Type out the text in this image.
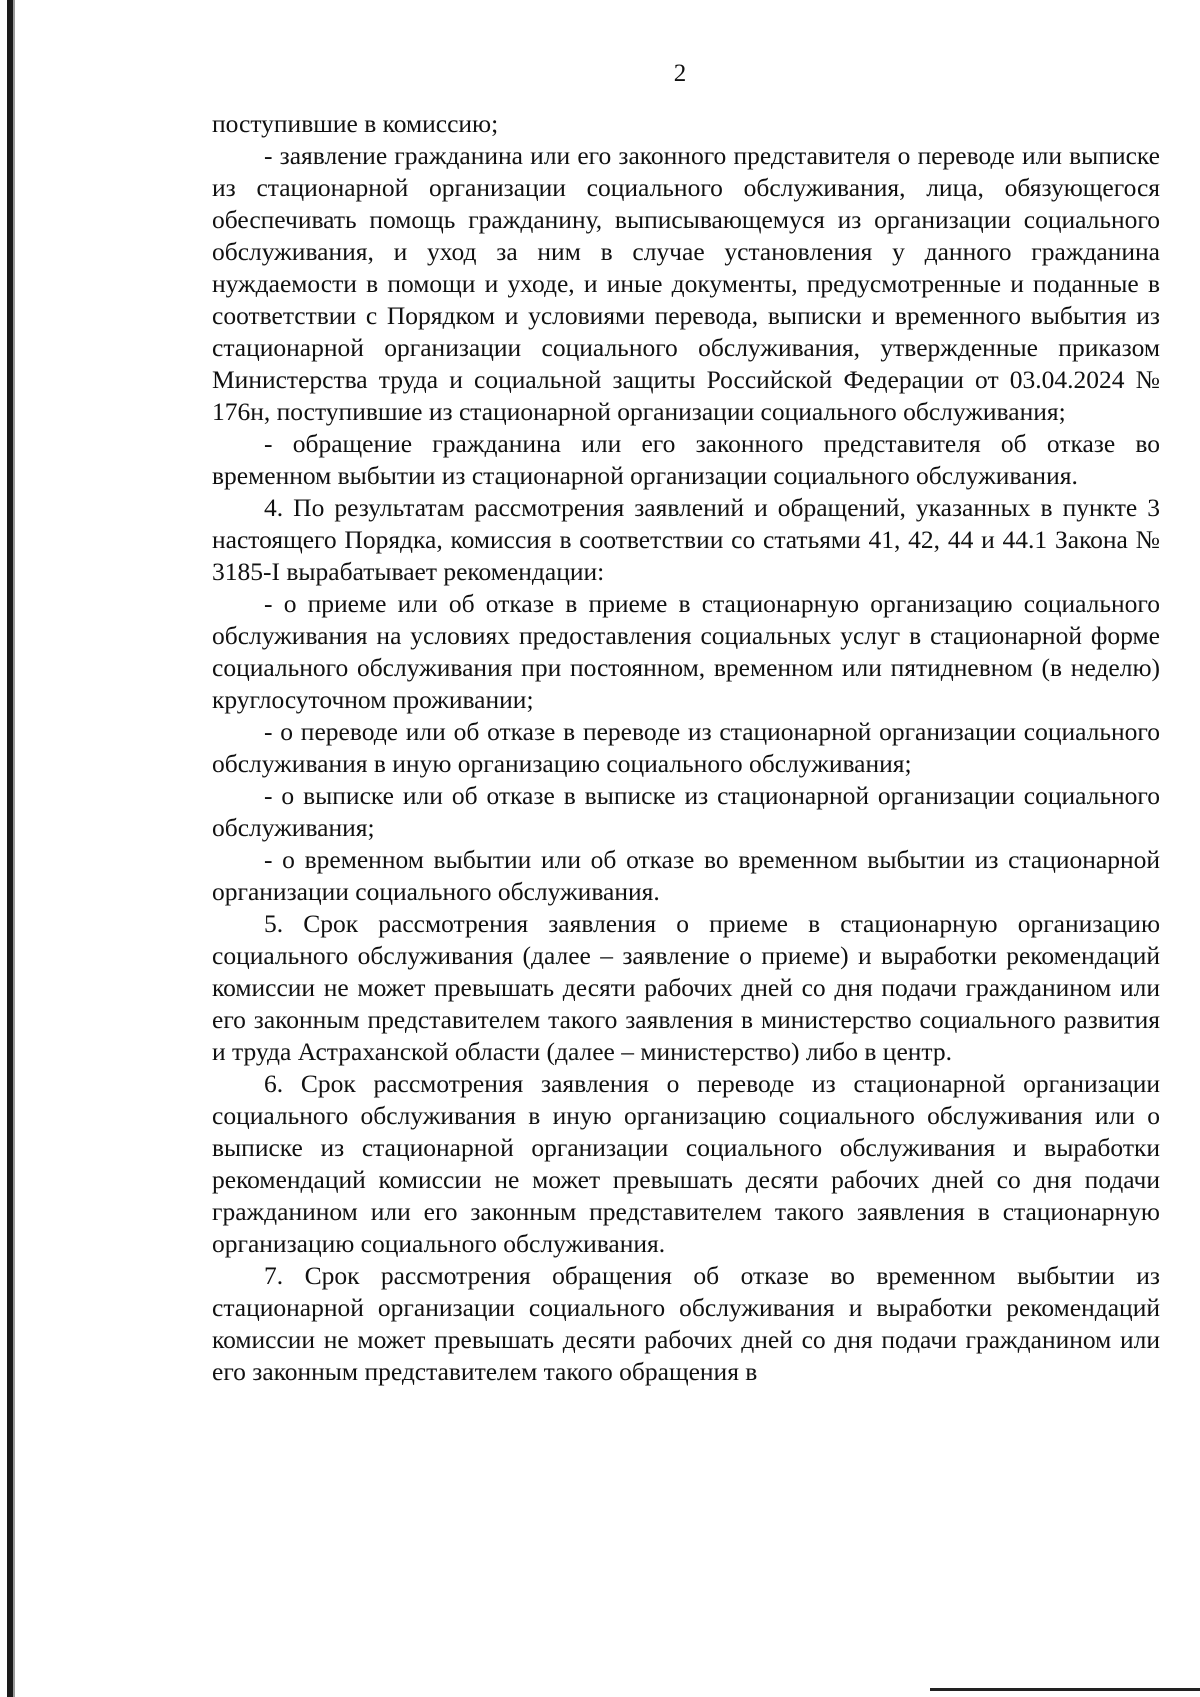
2

поступившие в комиссию;

- заявление гражданина или его законного представителя о переводе или выписке из стационарной организации социального обслуживания, лица, обязующегося обеспечивать помощь гражданину, выписывающемуся из организации социального обслуживания, и уход за ним в случае установления у данного гражданина нуждаемости в помощи и уходе, и иные документы, предусмотренные и поданные в соответствии с Порядком и условиями перевода, выписки и временного выбытия из стационарной организации социального обслуживания, утвержденные приказом Министерства труда и социальной защиты Российской Федерации от 03.04.2024 № 176н, поступившие из стационарной организации социального обслуживания;

- обращение гражданина или его законного представителя об отказе во временном выбытии из стационарной организации социального обслуживания.

4. По результатам рассмотрения заявлений и обращений, указанных в пункте 3 настоящего Порядка, комиссия в соответствии со статьями 41, 42, 44 и 44.1 Закона № 3185-I вырабатывает рекомендации:

- о приеме или об отказе в приеме в стационарную организацию социального обслуживания на условиях предоставления социальных услуг в стационарной форме социального обслуживания при постоянном, временном или пятидневном (в неделю) круглосуточном проживании;

- о переводе или об отказе в переводе из стационарной организации социального обслуживания в иную организацию социального обслуживания;

- о выписке или об отказе в выписке из стационарной организации социального обслуживания;

- о временном выбытии или об отказе во временном выбытии из стационарной организации социального обслуживания.

5. Срок рассмотрения заявления о приеме в стационарную организацию социального обслуживания (далее – заявление о приеме) и выработки рекомендаций комиссии не может превышать десяти рабочих дней со дня подачи гражданином или его законным представителем такого заявления в министерство социального развития и труда Астраханской области (далее – министерство) либо в центр.

6. Срок рассмотрения заявления о переводе из стационарной организации социального обслуживания в иную организацию социального обслуживания или о выписке из стационарной организации социального обслуживания и выработки рекомендаций комиссии не может превышать десяти рабочих дней со дня подачи гражданином или его законным представителем такого заявления в стационарную организацию социального обслуживания.

7. Срок рассмотрения обращения об отказе во временном выбытии из стационарной организации социального обслуживания и выработки рекомендаций комиссии не может превышать десяти рабочих дней со дня подачи гражданином или его законным представителем такого обращения в
